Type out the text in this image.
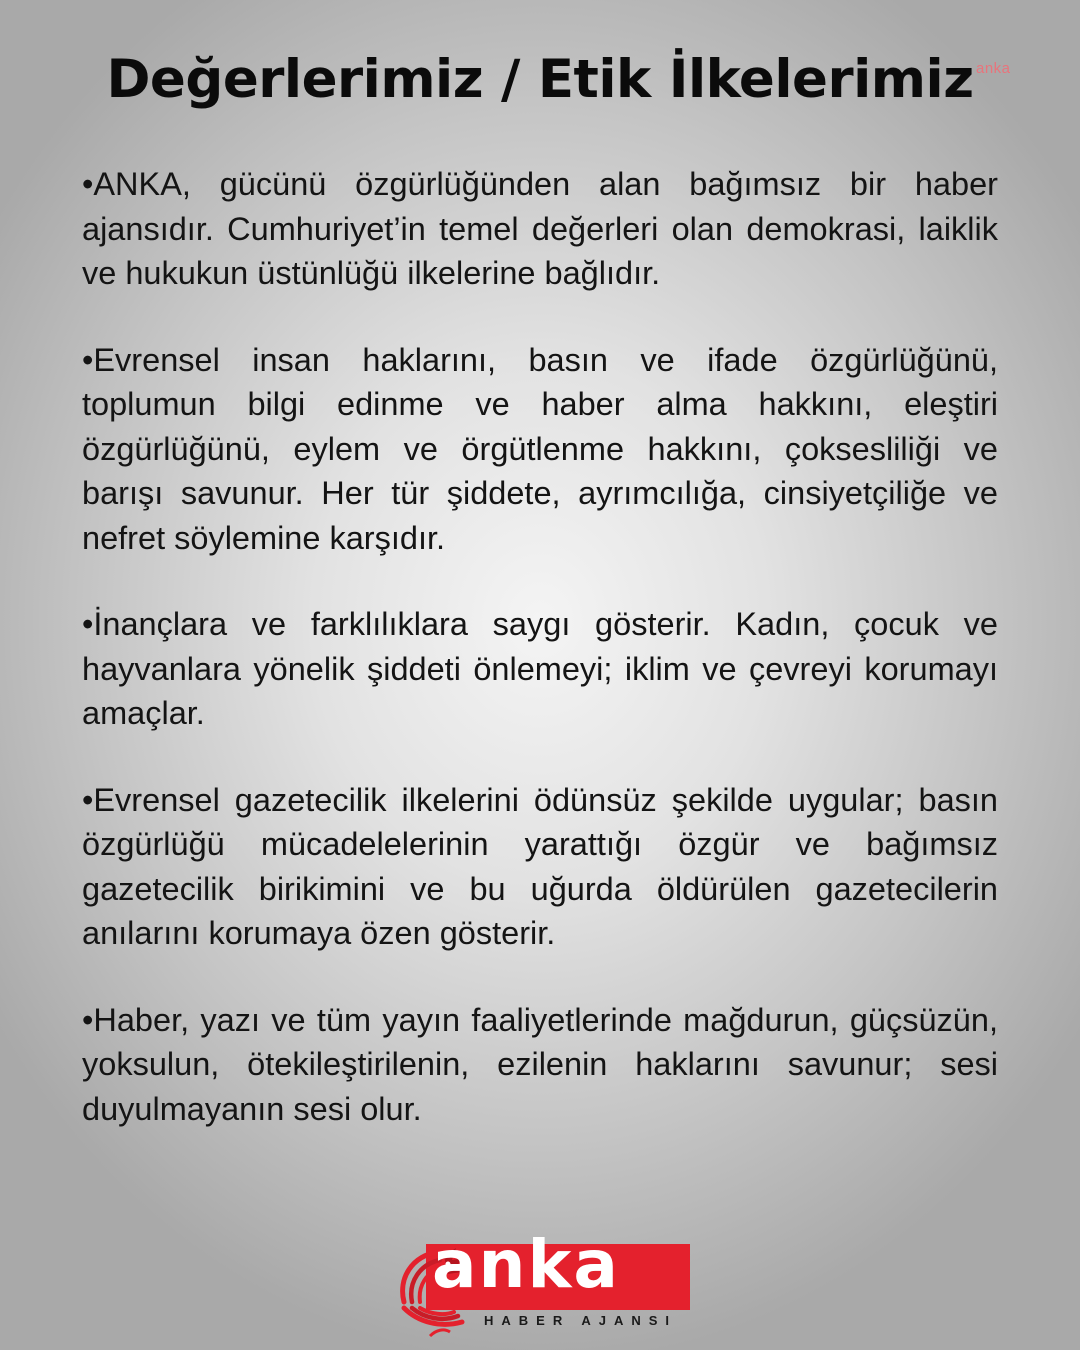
Değerlerimiz / Etik İlkelerimiz anka

•ANKA, gücünü özgürlüğünden alan bağımsız bir haber ajansıdır. Cumhuriyet’in temel değerleri olan demokrasi, laiklik ve hukukun üstünlüğü ilkelerine bağlıdır.

•Evrensel insan haklarını, basın ve ifade özgürlüğünü, toplumun bilgi edinme ve haber alma hakkını, eleştiri özgürlüğünü, eylem ve örgütlenme hakkını, çoksesliliği ve barışı savunur. Her tür şiddete, ayrımcılığa, cinsiyetçiliğe ve nefret söylemine karşıdır.

•İnançlara ve farklılıklara saygı gösterir. Kadın, çocuk ve hayvanlara yönelik şiddeti önlemeyi; iklim ve çevreyi korumayı amaçlar.

•Evrensel gazetecilik ilkelerini ödünsüz şekilde uygular; basın özgürlüğü mücadelelerinin yarattığı özgür ve bağımsız gazetecilik birikimini ve bu uğurda öldürülen gazetecilerin anılarını korumaya özen gösterir.

•Haber, yazı ve tüm yayın faaliyetlerinde mağdurun, güçsüzün, yoksulun, ötekileştirilenin, ezilenin haklarını savunur; sesi duyulmayanın sesi olur.

anka
HABER AJANSI
